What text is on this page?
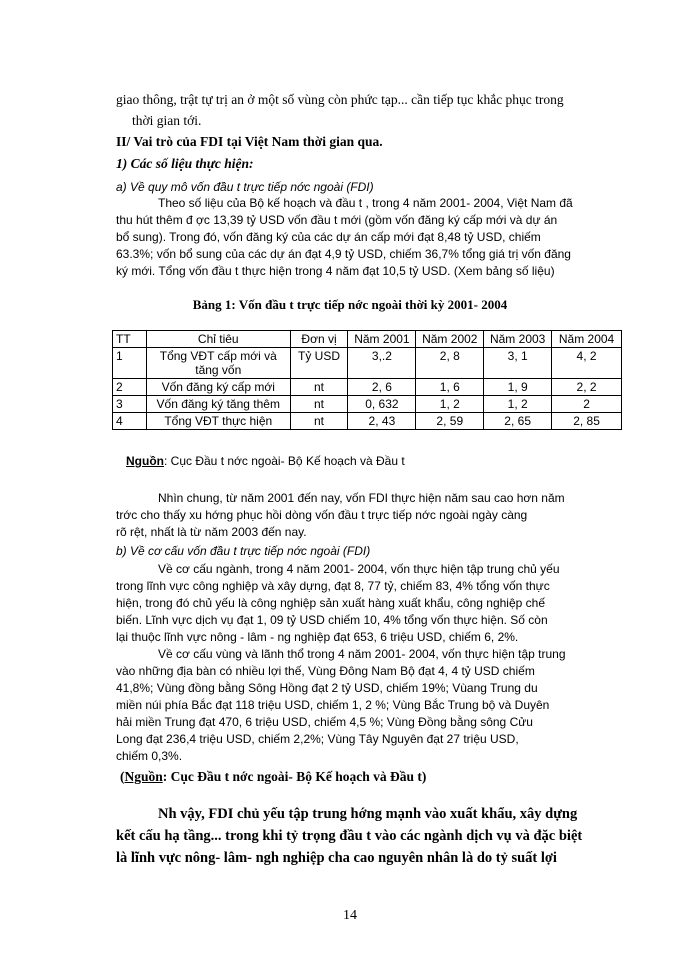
giao thông, trật tự trị an ở một số vùng còn phức tạp... cần tiếp tục khắc phục trong
thời gian tới.
II/ Vai trò của FDI tại Việt Nam thời gian qua.
1) Các số liệu thực hiện:
a) Về quy mô vốn đầu t trực tiếp nớc ngoài (FDI)
Theo số liệu của Bộ kế hoạch và đầu t , trong 4 năm 2001- 2004, Việt Nam đã
thu hút thêm đ ợc 13,39 tỷ USD vốn đầu t mới (gồm vốn đăng ký cấp mới và dự án
bổ sung). Trong đó, vốn đăng ký của các dự án cấp mới đạt 8,48 tỷ USD, chiếm
63.3%; vốn bổ sung của các dự án đạt 4,9 tỷ USD, chiếm 36,7% tổng giá trị vốn đăng
ký mới. Tổng vốn đầu t thực hiện trong 4 năm đạt 10,5 tỷ USD. (Xem bảng số liệu)
Bảng 1: Vốn đầu t trực tiếp nớc ngoài thời kỳ 2001- 2004
TT	Chỉ tiêu	Đơn vị	Năm 2001	Năm 2002	Năm 2003	Năm 2004
1	Tổng VĐT cấp mới và tăng vốn	Tỷ USD	3,.2	2, 8	3, 1	4, 2
2	Vốn đăng ký cấp mới	nt	2, 6	1, 6	1, 9	2, 2
3	Vốn đăng ký tăng thêm	nt	0, 632	1, 2	1, 2	2
4	Tổng VĐT thực hiện	nt	2, 43	2, 59	2, 65	2, 85
Nguồn: Cục Đầu t nớc ngoài- Bộ Kế hoạch và Đầu t
Nhìn chung, từ năm 2001 đến nay, vốn FDI thực hiện năm sau cao hơn năm
trớc cho thấy xu hớng phục hồi dòng vốn đầu t trực tiếp nớc ngoài ngày càng
rõ rệt, nhất là từ năm 2003 đến nay.
b) Về cơ cấu vốn đầu t trực tiếp nớc ngoài (FDI)
Về cơ cấu ngành, trong 4 năm 2001- 2004, vốn thực hiện tập trung chủ yếu
trong lĩnh vực công nghiệp và xây dựng, đạt 8, 77 tỷ, chiếm 83, 4% tổng vốn thực
hiện, trong đó chủ yếu là công nghiệp sản xuất hàng xuất khẩu, công nghiệp chế
biến. Lĩnh vực dịch vụ đạt 1, 09 tỷ USD chiếm 10, 4% tổng vốn thực hiện. Số còn
lại thuộc lĩnh vực nông - lâm - ng nghiệp đạt 653, 6 triệu USD, chiếm 6, 2%.
Về cơ cấu vùng và lãnh thổ trong 4 năm 2001- 2004, vốn thực hiện tập trung
vào những địa bàn có nhiều lợi thế, Vùng Đông Nam Bộ đạt 4, 4 tỷ USD chiếm
41,8%; Vùng đồng bằng Sông Hồng đạt 2 tỷ USD, chiếm 19%; Vùang Trung du
miền núi phía Bắc đạt 118 triệu USD, chiếm 1, 2 %; Vùng Bắc Trung bộ và Duyên
hải miền Trung đạt 470, 6 triệu USD, chiếm 4,5 %; Vùng Đồng bằng sông Cửu
Long đạt 236,4 triệu USD, chiếm 2,2%; Vùng Tây Nguyên đạt 27 triệu USD,
chiếm 0,3%.
(Nguồn: Cục Đầu t nớc ngoài- Bộ Kế hoạch và Đầu t)
Nh vậy, FDI chủ yếu tập trung hớng mạnh vào xuất khẩu, xây dựng
kết cấu hạ tầng... trong khi tỷ trọng đầu t vào các ngành dịch vụ và đặc biệt
là lĩnh vực nông- lâm- ngh nghiệp cha cao nguyên nhân là do tỷ suất lợi
14
